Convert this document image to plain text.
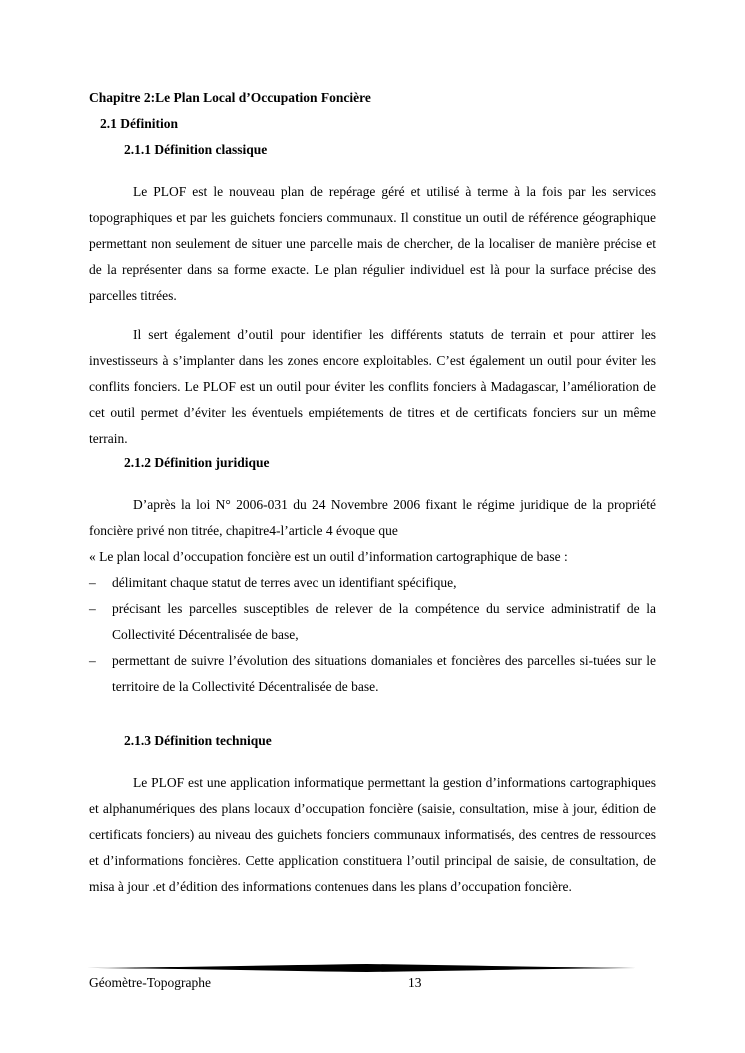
Chapitre 2:Le Plan Local d’Occupation Foncière
2.1 Définition
2.1.1 Définition classique

Le PLOF est le nouveau plan de repérage géré et utilisé à terme à la fois par les services topographiques et par les guichets fonciers communaux. Il constitue un outil de référence géographique permettant non seulement de situer une parcelle mais de chercher, de la localiser de manière précise et de la représenter dans sa forme exacte. Le plan régulier individuel est là pour la surface précise des parcelles titrées.

Il sert également d’outil pour identifier les différents statuts de terrain et pour attirer les investisseurs à s’implanter dans les zones encore exploitables. C’est également un outil pour éviter les conflits fonciers. Le PLOF est un outil pour éviter les conflits fonciers à Madagascar, l’amélioration de cet outil permet d’éviter les éventuels empiétements de titres et de certificats fonciers sur un même terrain.

2.1.2 Définition juridique

D’après la loi N° 2006-031 du 24 Novembre 2006 fixant le régime juridique de la propriété foncière privé non titrée, chapitre4-l’article 4 évoque que

« Le plan local d’occupation foncière est un outil d’information cartographique de base :
– délimitant chaque statut de terres avec un identifiant spécifique,

– précisant les parcelles susceptibles de relever de la compétence du service administratif de la Collectivité Décentralisée de base,

– permettant de suivre l’évolution des situations domaniales et foncières des parcelles si-tuées sur le territoire de la Collectivité Décentralisée de base.

2.1.3 Définition technique

Le PLOF est une application informatique permettant la gestion d’informations cartographiques et alphanumériques des plans locaux d’occupation foncière (saisie, consultation, mise à jour, édition de certificats fonciers) au niveau des guichets fonciers communaux informatisés, des centres de ressources et d’informations foncières. Cette application constituera l’outil principal de saisie, de consultation, de misa à jour .et d’édition des informations contenues dans les plans d’occupation foncière.

Géomètre-Topographe	13
